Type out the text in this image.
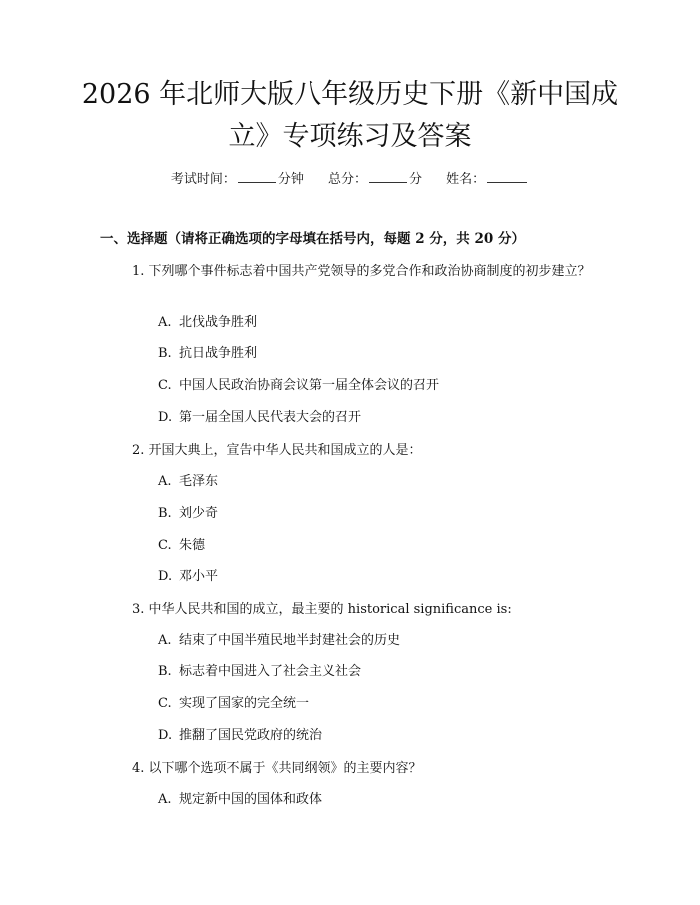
2026 年北师大版八年级历史下册《新中国成
立》专项练习及答案
考试时间：	分钟 总分：	分 姓名：
一、选择题（请将正确选项的字母填在括号内，每题 2 分，共 20 分）
1. 下列哪个事件标志着中国共产党领导的多党合作和政治协商制度的初步建立？
A. 北伐战争胜利
B. 抗日战争胜利
C. 中国人民政治协商会议第一届全体会议的召开
D. 第一届全国人民代表大会的召开
2. 开国大典上，宣告中华人民共和国成立的人是：
A. 毛泽东
B. 刘少奇
C. 朱德
D. 邓小平
3. 中华人民共和国的成立，最主要的 historical significance is:
A. 结束了中国半殖民地半封建社会的历史
B. 标志着中国进入了社会主义社会
C. 实现了国家的完全统一
D. 推翻了国民党政府的统治
4. 以下哪个选项不属于《共同纲领》的主要内容？
A. 规定新中国的国体和政体
